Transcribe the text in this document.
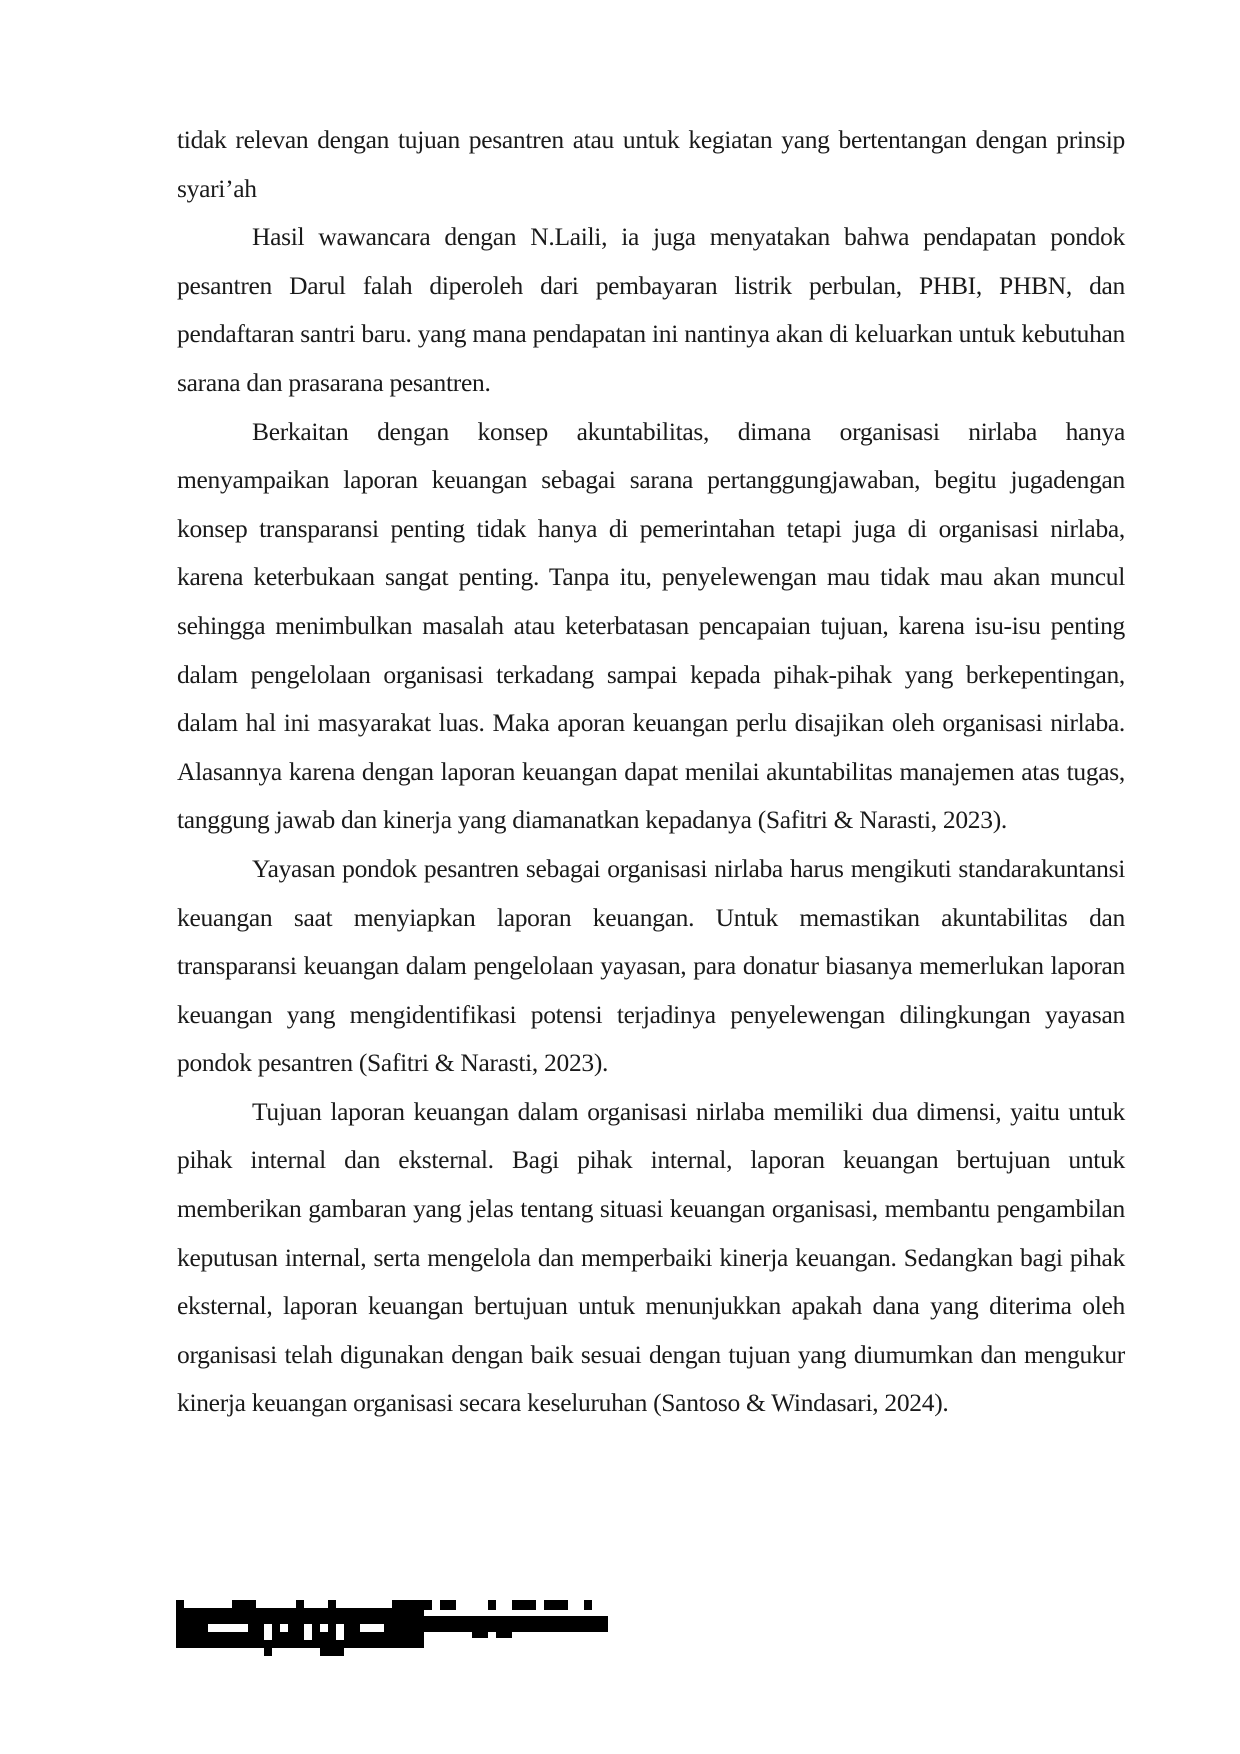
tidak relevan dengan tujuan pesantren atau untuk kegiatan yang bertentangan dengan prinsip syari’ah

Hasil wawancara dengan N.Laili, ia juga menyatakan bahwa pendapatan pondok pesantren Darul falah diperoleh dari pembayaran listrik perbulan, PHBI, PHBN, dan pendaftaran santri baru. yang mana pendapatan ini nantinya akan di keluarkan untuk kebutuhan sarana dan prasarana pesantren.

Berkaitan dengan konsep akuntabilitas, dimana organisasi nirlaba hanya menyampaikan laporan keuangan sebagai sarana pertanggungjawaban, begitu jugadengan konsep transparansi penting tidak hanya di pemerintahan tetapi juga di organisasi nirlaba, karena keterbukaan sangat penting. Tanpa itu, penyelewengan mau tidak mau akan muncul sehingga menimbulkan masalah atau keterbatasan pencapaian tujuan, karena isu-isu penting dalam pengelolaan organisasi terkadang sampai kepada pihak-pihak yang berkepentingan, dalam hal ini masyarakat luas. Maka aporan keuangan perlu disajikan oleh organisasi nirlaba. Alasannya karena dengan laporan keuangan dapat menilai akuntabilitas manajemen atas tugas, tanggung jawab dan kinerja yang diamanatkan kepadanya (Safitri & Narasti, 2023).

Yayasan pondok pesantren sebagai organisasi nirlaba harus mengikuti standarakuntansi keuangan saat menyiapkan laporan keuangan. Untuk memastikan akuntabilitas dan transparansi keuangan dalam pengelolaan yayasan, para donatur biasanya memerlukan laporan keuangan yang mengidentifikasi potensi terjadinya penyelewengan dilingkungan yayasan pondok pesantren (Safitri & Narasti, 2023).

Tujuan laporan keuangan dalam organisasi nirlaba memiliki dua dimensi, yaitu untuk pihak internal dan eksternal. Bagi pihak internal, laporan keuangan bertujuan untuk memberikan gambaran yang jelas tentang situasi keuangan organisasi, membantu pengambilan keputusan internal, serta mengelola dan memperbaiki kinerja keuangan. Sedangkan bagi pihak eksternal, laporan keuangan bertujuan untuk menunjukkan apakah dana yang diterima oleh organisasi telah digunakan dengan baik sesuai dengan tujuan yang diumumkan dan mengukur kinerja keuangan organisasi secara keseluruhan (Santoso & Windasari, 2024).
